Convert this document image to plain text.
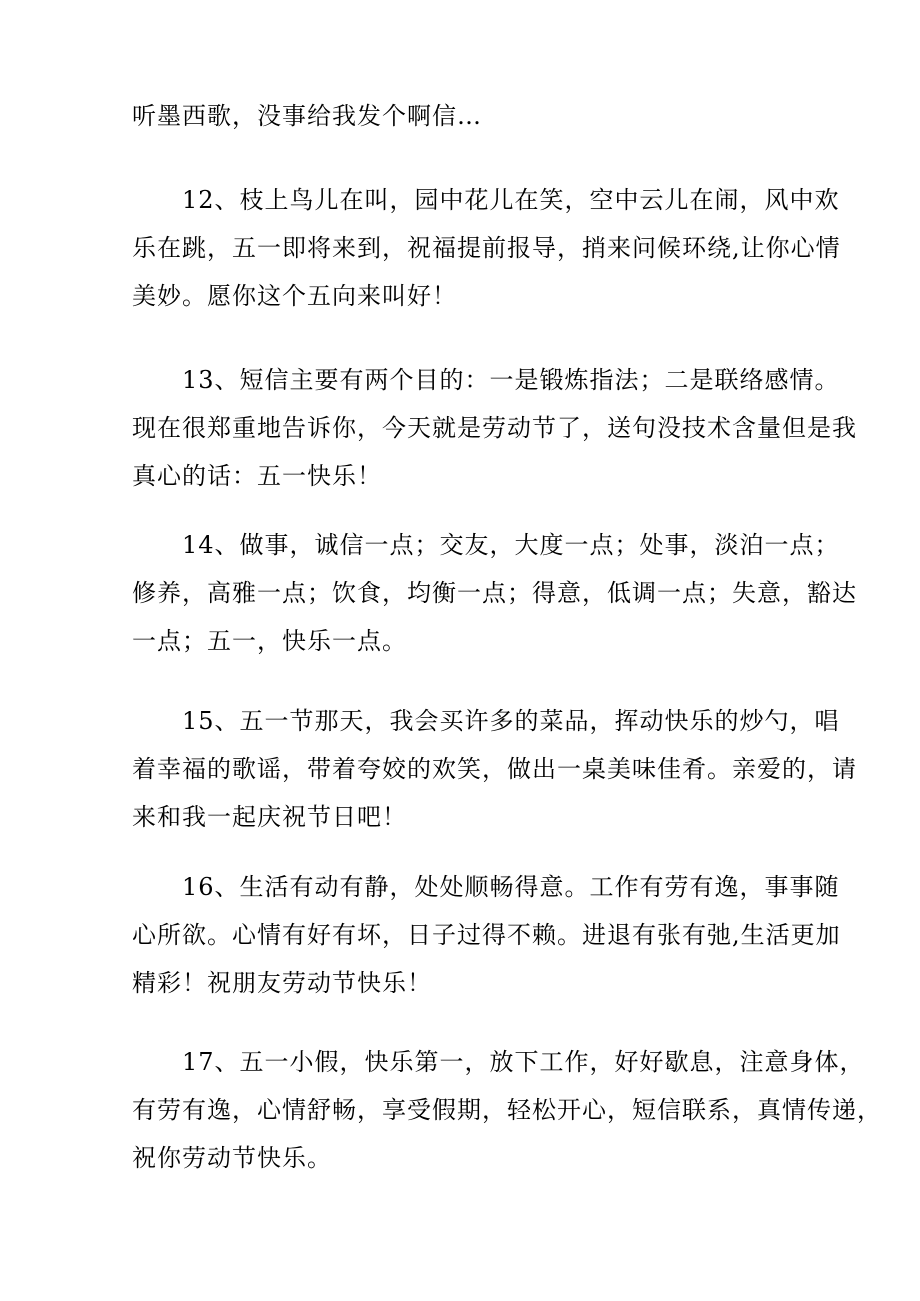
听墨西歌，没事给我发个啊信…

12、枝上鸟儿在叫，园中花儿在笑，空中云儿在闹，风中欢
乐在跳，五一即将来到，祝福提前报导，捎来问候环绕,让你心情
美妙。愿你这个五向来叫好！

13、短信主要有两个目的：一是锻炼指法；二是联络感情。
现在很郑重地告诉你，今天就是劳动节了，送句没技术含量但是我
真心的话：五一快乐！

14、做事，诚信一点；交友，大度一点；处事，淡泊一点；
修养，高雅一点；饮食，均衡一点；得意，低调一点；失意，豁达
一点；五一，快乐一点。

15、五一节那天，我会买许多的菜品，挥动快乐的炒勺，唱
着幸福的歌谣，带着夸姣的欢笑，做出一桌美味佳肴。亲爱的，请
来和我一起庆祝节日吧！

16、生活有动有静，处处顺畅得意。工作有劳有逸，事事随
心所欲。心情有好有坏，日子过得不赖。进退有张有弛,生活更加
精彩！祝朋友劳动节快乐！

17、五一小假，快乐第一，放下工作，好好歇息，注意身体，
有劳有逸，心情舒畅，享受假期，轻松开心，短信联系，真情传递，
祝你劳动节快乐。
